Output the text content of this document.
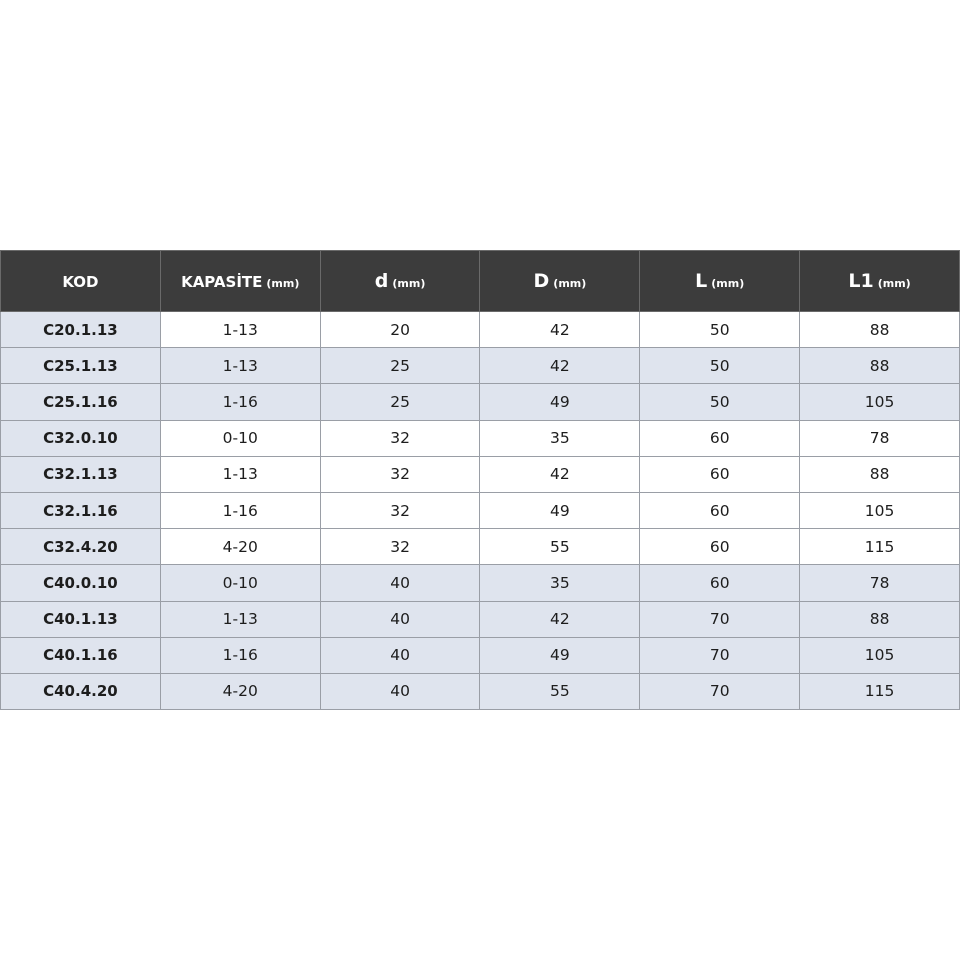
KOD	KAPASİTE (mm)	d (mm)	D (mm)	L (mm)	L1 (mm)
C20.1.13	1-13	20	42	50	88
C25.1.13	1-13	25	42	50	88
C25.1.16	1-16	25	49	50	105
C32.0.10	0-10	32	35	60	78
C32.1.13	1-13	32	42	60	88
C32.1.16	1-16	32	49	60	105
C32.4.20	4-20	32	55	60	115
C40.0.10	0-10	40	35	60	78
C40.1.13	1-13	40	42	70	88
C40.1.16	1-16	40	49	70	105
C40.4.20	4-20	40	55	70	115
